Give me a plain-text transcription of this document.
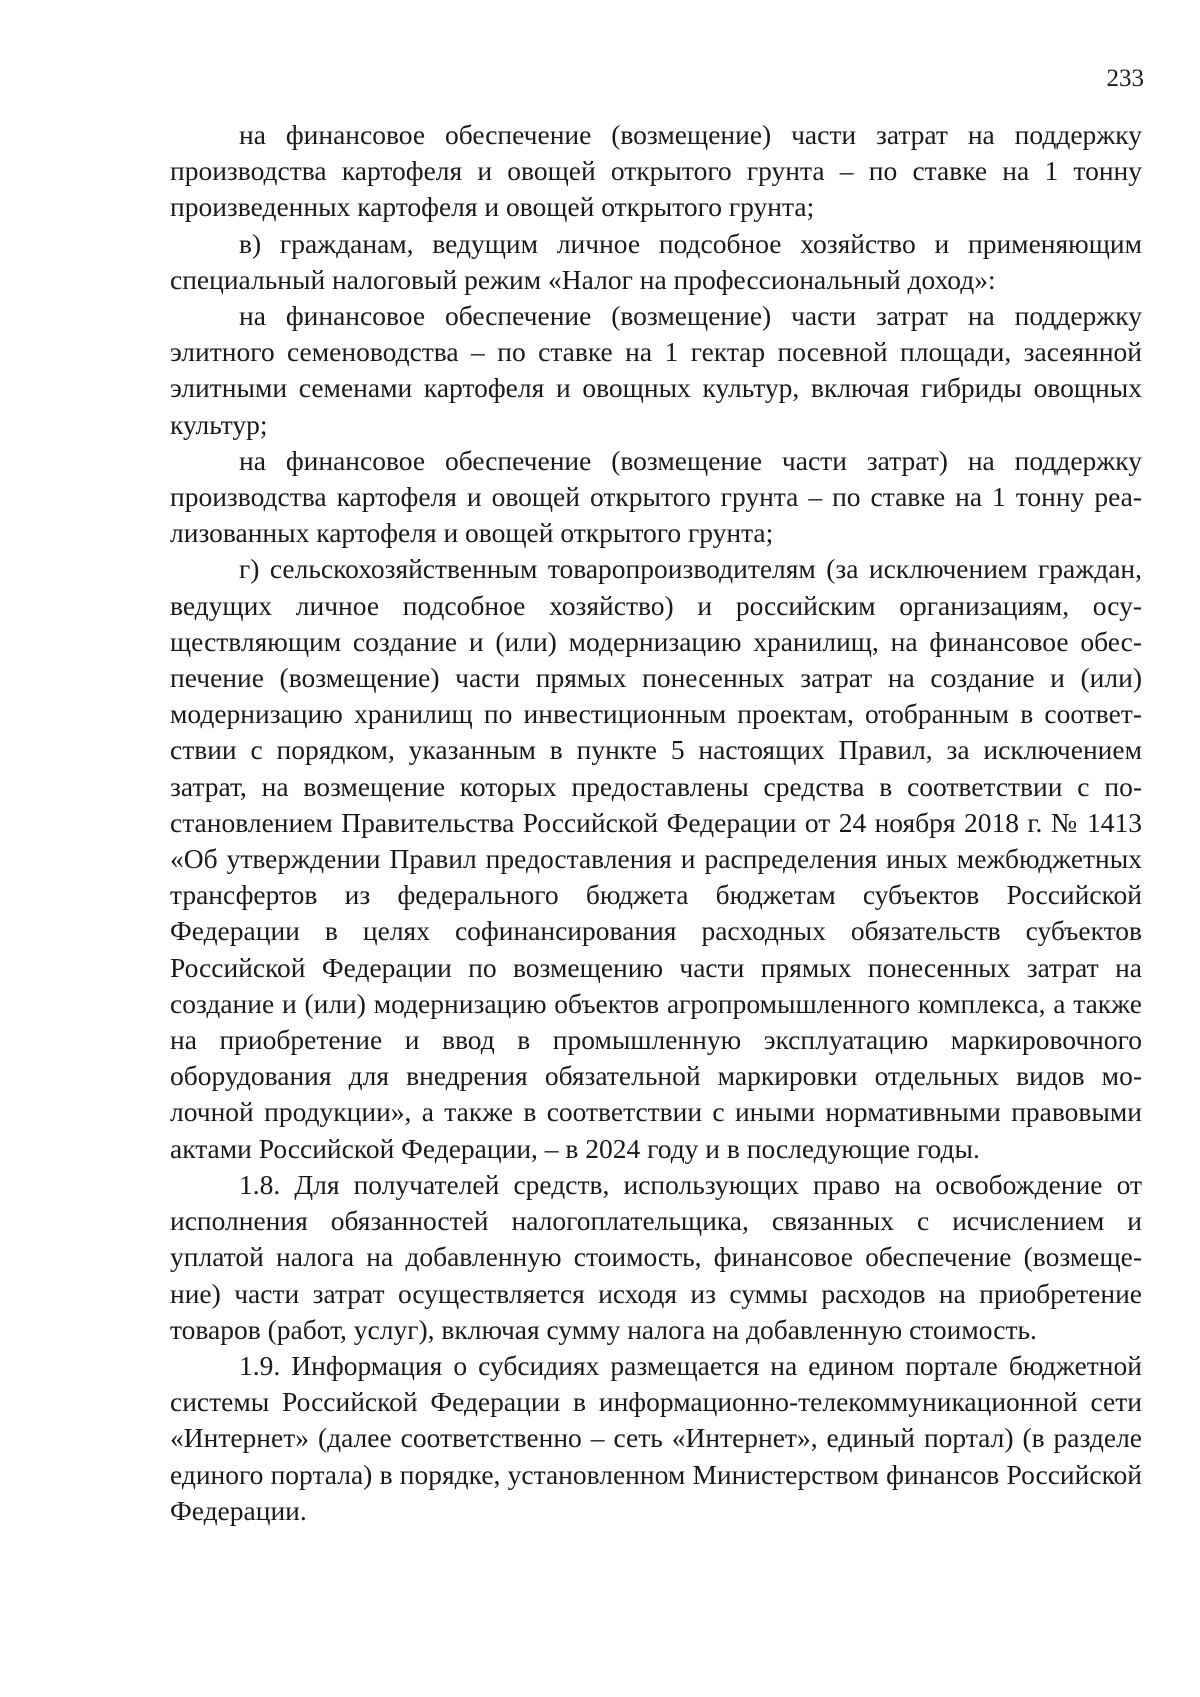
233

на финансовое обеспечение (возмещение) части затрат на поддержку производства картофеля и овощей открытого грунта – по ставке на 1 тонну произведенных картофеля и овощей открытого грунта;

в) гражданам, ведущим личное подсобное хозяйство и применяющим специальный налоговый режим «Налог на профессиональный доход»:

на финансовое обеспечение (возмещение) части затрат на поддержку элитного семеноводства – по ставке на 1 гектар посевной площади, засеянной элитными семенами картофеля и овощных культур, включая гибриды овощных культур;

на финансовое обеспечение (возмещение части затрат) на поддержку производства картофеля и овощей открытого грунта – по ставке на 1 тонну реализованных картофеля и овощей открытого грунта;

г) сельскохозяйственным товаропроизводителям (за исключением граждан, ведущих личное подсобное хозяйство) и российским организациям, осуществляющим создание и (или) модернизацию хранилищ, на финансовое обеспечение (возмещение) части прямых понесенных затрат на создание и (или) модернизацию хранилищ по инвестиционным проектам, отобранным в соответствии с порядком, указанным в пункте 5 настоящих Правил, за исключением затрат, на возмещение которых предоставлены средства в соответствии с постановлением Правительства Российской Федерации от 24 ноября 2018 г. № 1413 «Об утверждении Правил предоставления и распределения иных межбюджетных трансфертов из федерального бюджета бюджетам субъектов Российской Федерации в целях софинансирования расходных обязательств субъектов Российской Федерации по возмещению части прямых понесенных затрат на создание и (или) модернизацию объектов агропромышленного комплекса, а также на приобретение и ввод в промышленную эксплуатацию маркировочного оборудования для внедрения обязательной маркировки отдельных видов молочной продукции», а также в соответствии с иными нормативными правовыми актами Российской Федерации, – в 2024 году и в последующие годы.

1.8. Для получателей средств, использующих право на освобождение от исполнения обязанностей налогоплательщика, связанных с исчислением и уплатой налога на добавленную стоимость, финансовое обеспечение (возмещение) части затрат осуществляется исходя из суммы расходов на приобретение товаров (работ, услуг), включая сумму налога на добавленную стоимость.

1.9. Информация о субсидиях размещается на едином портале бюджетной системы Российской Федерации в информационно-телекоммуникационной сети «Интернет» (далее соответственно – сеть «Интернет», единый портал) (в разделе единого портала) в порядке, установленном Министерством финансов Российской Федерации.
